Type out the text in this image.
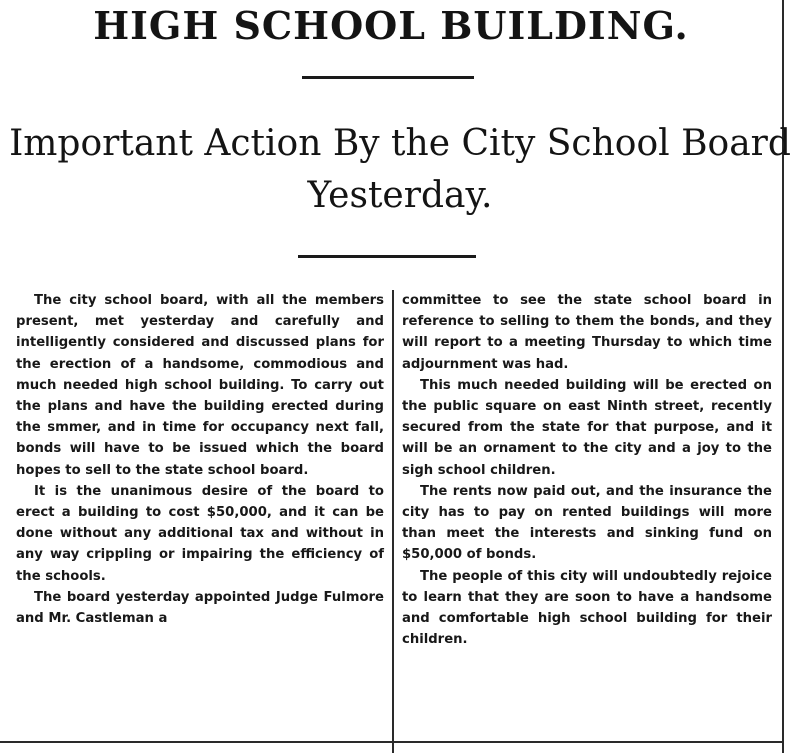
HIGH SCHOOL BUILDING.
Important Action By the City School Board Yesterday.

The city school board, with all the members present, met yesterday and carefully and intelligently considered and discussed plans for the erection of a handsome, commodious and much needed high school building. To carry out the plans and have the building erected during the smmer, and in time for occupancy next fall, bonds will have to be issued which the board hopes to sell to the state school board.

It is the unanimous desire of the board to erect a building to cost $50,000, and it can be done without any additional tax and without in any way crippling or impairing the efficiency of the schools.

The board yesterday appointed Judge Fulmore and Mr. Castleman a

committee to see the state school board in reference to selling to them the bonds, and they will report to a meeting Thursday to which time adjournment was had.

This much needed building will be erected on the public square on east Ninth street, recently secured from the state for that purpose, and it will be an ornament to the city and a joy to the sigh school children.

The rents now paid out, and the insurance the city has to pay on rented buildings will more than meet the interests and sinking fund on $50,000 of bonds.

The people of this city will undoubtedly rejoice to learn that they are soon to have a handsome and comfortable high school building for their children.
